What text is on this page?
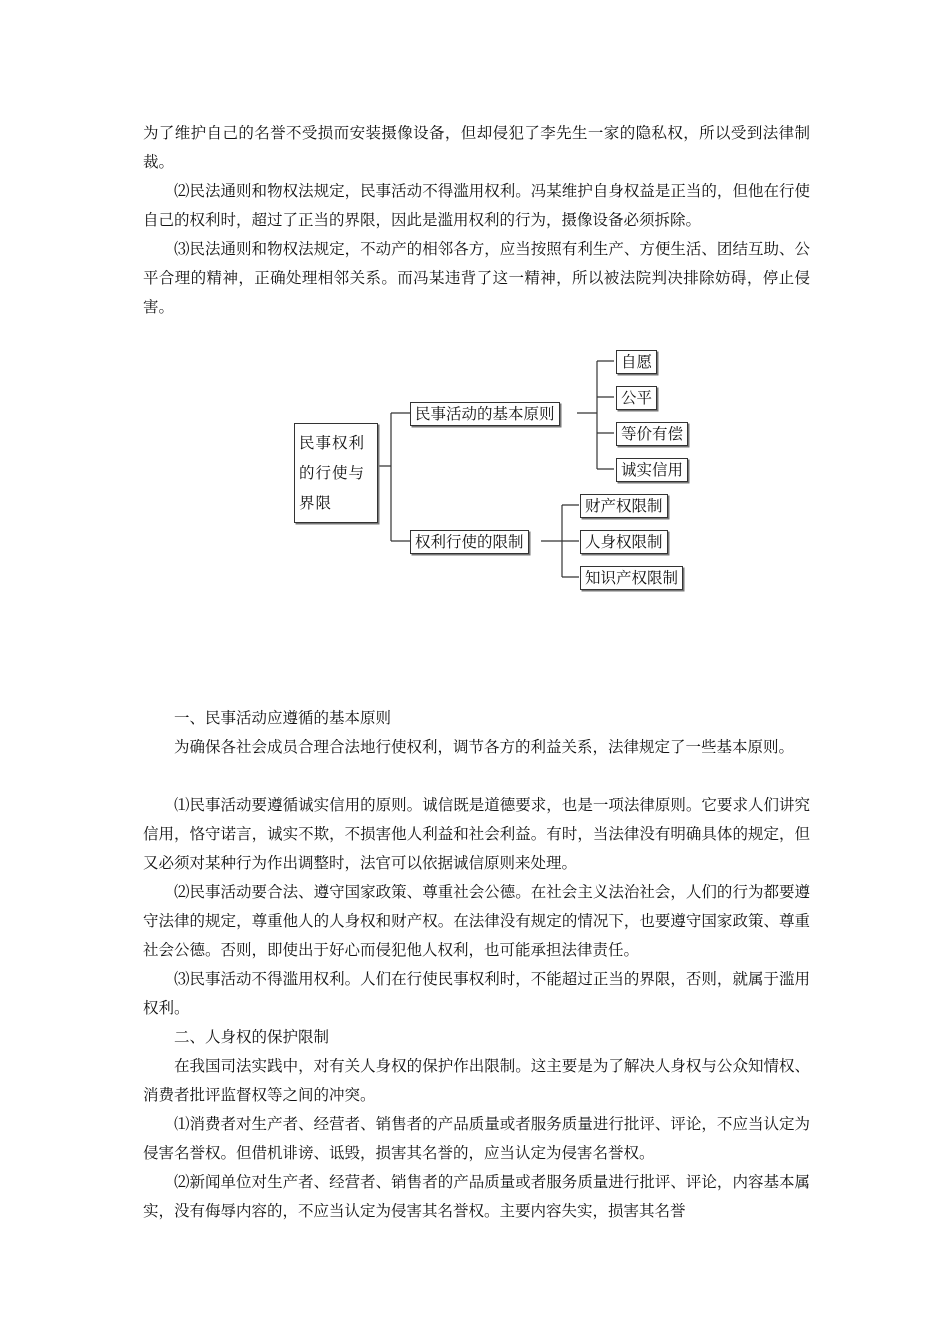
为了维护自己的名誉不受损而安装摄像设备，但却侵犯了李先生一家的隐私权，所以受到法律制裁。

⑵民法通则和物权法规定，民事活动不得滥用权利。冯某维护自身权益是正当的，但他在行使自己的权利时，超过了正当的界限，因此是滥用权利的行为，摄像设备必须拆除。

⑶民法通则和物权法规定，不动产的相邻各方，应当按照有利生产、方便生活、团结互助、公平合理的精神，正确处理相邻关系。而冯某违背了这一精神，所以被法院判决排除妨碍，停止侵害。

民事权利的行使与界限
民事活动的基本原则
权利行使的限制
自愿
公平
等价有偿
诚实信用
财产权限制
人身权限制
知识产权限制

一、民事活动应遵循的基本原则

为确保各社会成员合理合法地行使权利，调节各方的利益关系，法律规定了一些基本原则。

⑴民事活动要遵循诚实信用的原则。诚信既是道德要求，也是一项法律原则。它要求人们讲究信用，恪守诺言，诚实不欺，不损害他人利益和社会利益。有时，当法律没有明确具体的规定，但又必须对某种行为作出调整时，法官可以依据诚信原则来处理。

⑵民事活动要合法、遵守国家政策、尊重社会公德。在社会主义法治社会，人们的行为都要遵守法律的规定，尊重他人的人身权和财产权。在法律没有规定的情况下，也要遵守国家政策、尊重社会公德。否则，即使出于好心而侵犯他人权利，也可能承担法律责任。

⑶民事活动不得滥用权利。人们在行使民事权利时，不能超过正当的界限，否则，就属于滥用权利。

二、人身权的保护限制

在我国司法实践中，对有关人身权的保护作出限制。这主要是为了解决人身权与公众知情权、消费者批评监督权等之间的冲突。

⑴消费者对生产者、经营者、销售者的产品质量或者服务质量进行批评、评论，不应当认定为侵害名誉权。但借机诽谤、诋毁，损害其名誉的，应当认定为侵害名誉权。

⑵新闻单位对生产者、经营者、销售者的产品质量或者服务质量进行批评、评论，内容基本属实，没有侮辱内容的，不应当认定为侵害其名誉权。主要内容失实，损害其名誉
